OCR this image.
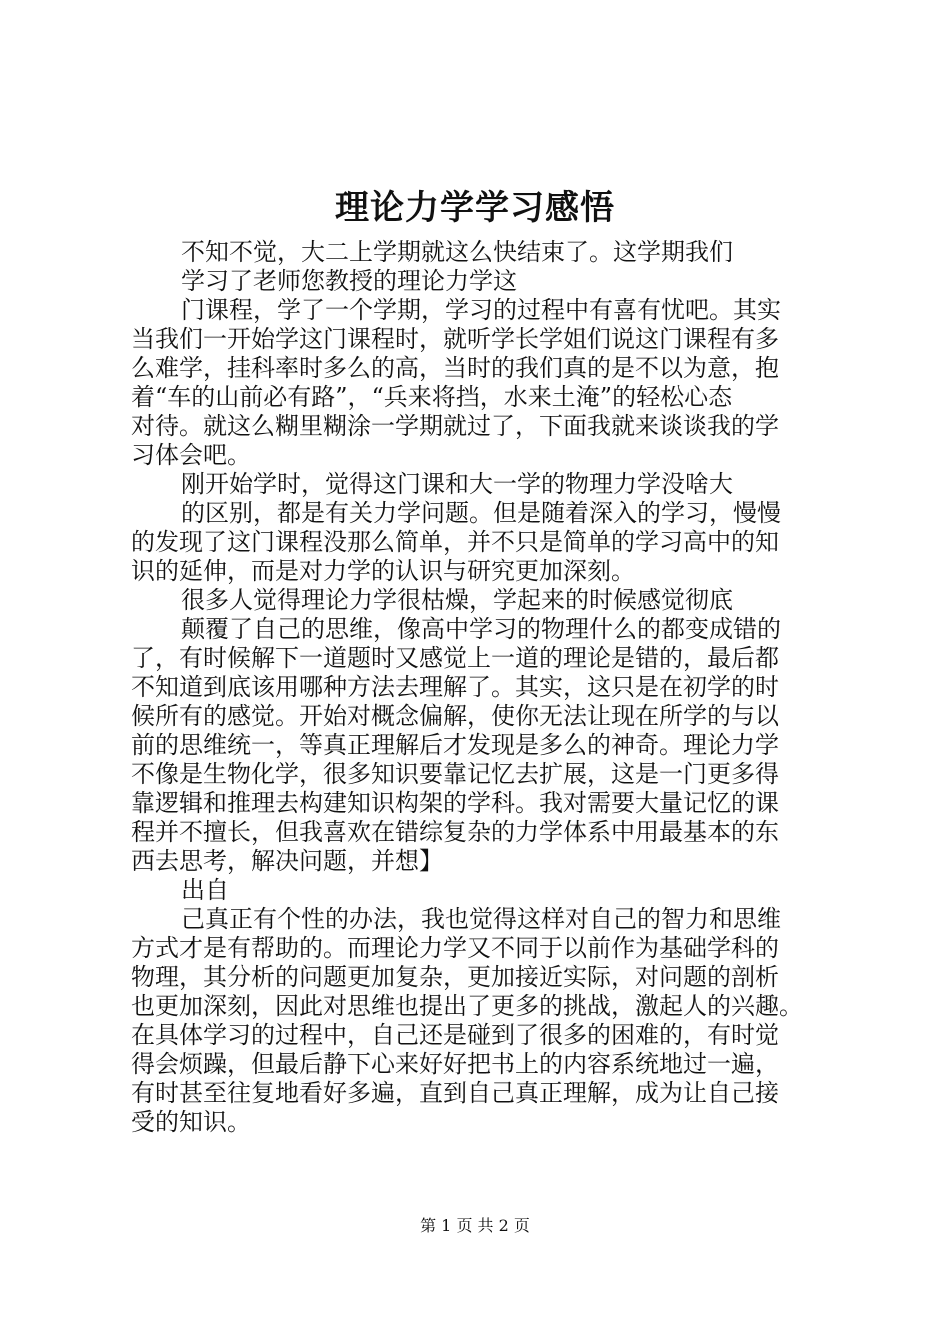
理论力学学习感悟
不知不觉，大二上学期就这么快结束了。这学期我们
学习了老师您教授的理论力学这
门课程，学了一个学期，学习的过程中有喜有忧吧。其实
当我们一开始学这门课程时，就听学长学姐们说这门课程有多
么难学，挂科率时多么的高，当时的我们真的是不以为意，抱
着“车的山前必有路”，“兵来将挡，水来土淹”的轻松心态
对待。就这么糊里糊涂一学期就过了，下面我就来谈谈我的学
习体会吧。
刚开始学时，觉得这门课和大一学的物理力学没啥大
的区别，都是有关力学问题。但是随着深入的学习，慢慢
的发现了这门课程没那么简单，并不只是简单的学习高中的知
识的延伸，而是对力学的认识与研究更加深刻。
很多人觉得理论力学很枯燥，学起来的时候感觉彻底
颠覆了自己的思维，像高中学习的物理什么的都变成错的
了，有时候解下一道题时又感觉上一道的理论是错的，最后都
不知道到底该用哪种方法去理解了。其实，这只是在初学的时
候所有的感觉。开始对概念偏解，使你无法让现在所学的与以
前的思维统一，等真正理解后才发现是多么的神奇。理论力学
不像是生物化学，很多知识要靠记忆去扩展，这是一门更多得
靠逻辑和推理去构建知识构架的学科。我对需要大量记忆的课
程并不擅长，但我喜欢在错综复杂的力学体系中用最基本的东
西去思考，解决问题，并想】
出自
己真正有个性的办法，我也觉得这样对自己的智力和思维
方式才是有帮助的。而理论力学又不同于以前作为基础学科的
物理，其分析的问题更加复杂，更加接近实际，对问题的剖析
也更加深刻，因此对思维也提出了更多的挑战，激起人的兴趣。
在具体学习的过程中，自己还是碰到了很多的困难的，有时觉
得会烦躁，但最后静下心来好好把书上的内容系统地过一遍，
有时甚至往复地看好多遍，直到自己真正理解，成为让自己接
受的知识。
第 1 页 共 2 页
